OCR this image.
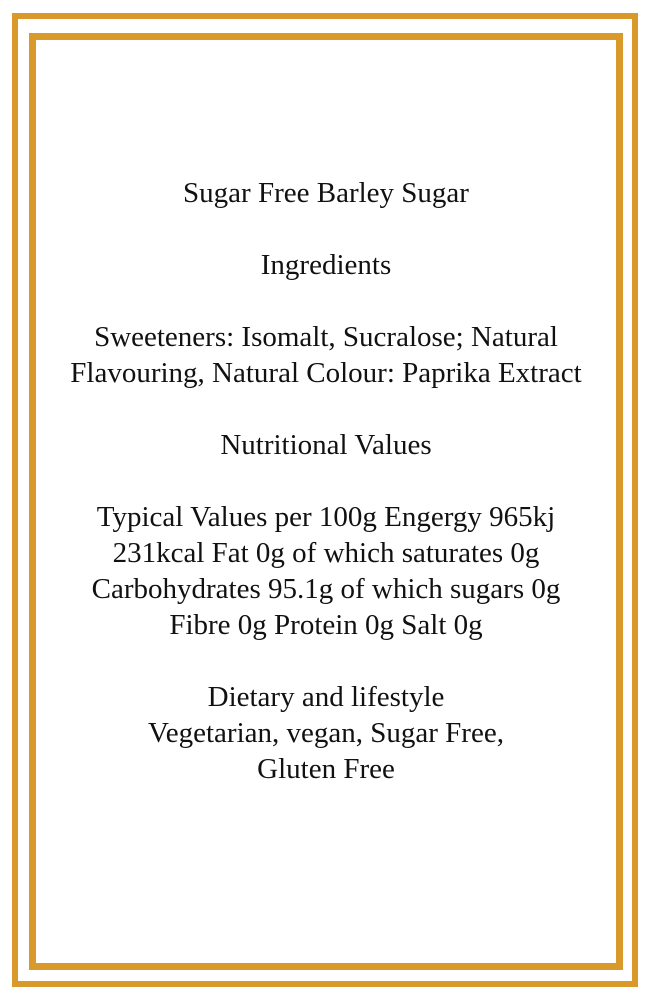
Sugar Free Barley Sugar

Ingredients

Sweeteners: Isomalt, Sucralose; Natural

Flavouring, Natural Colour: Paprika Extract

Nutritional Values

Typical Values per 100g Engergy 965kj

231kcal Fat 0g of which saturates 0g

Carbohydrates 95.1g of which sugars 0g

Fibre 0g Protein 0g Salt 0g

Dietary and lifestyle

Vegetarian, vegan, Sugar Free,

Gluten Free
